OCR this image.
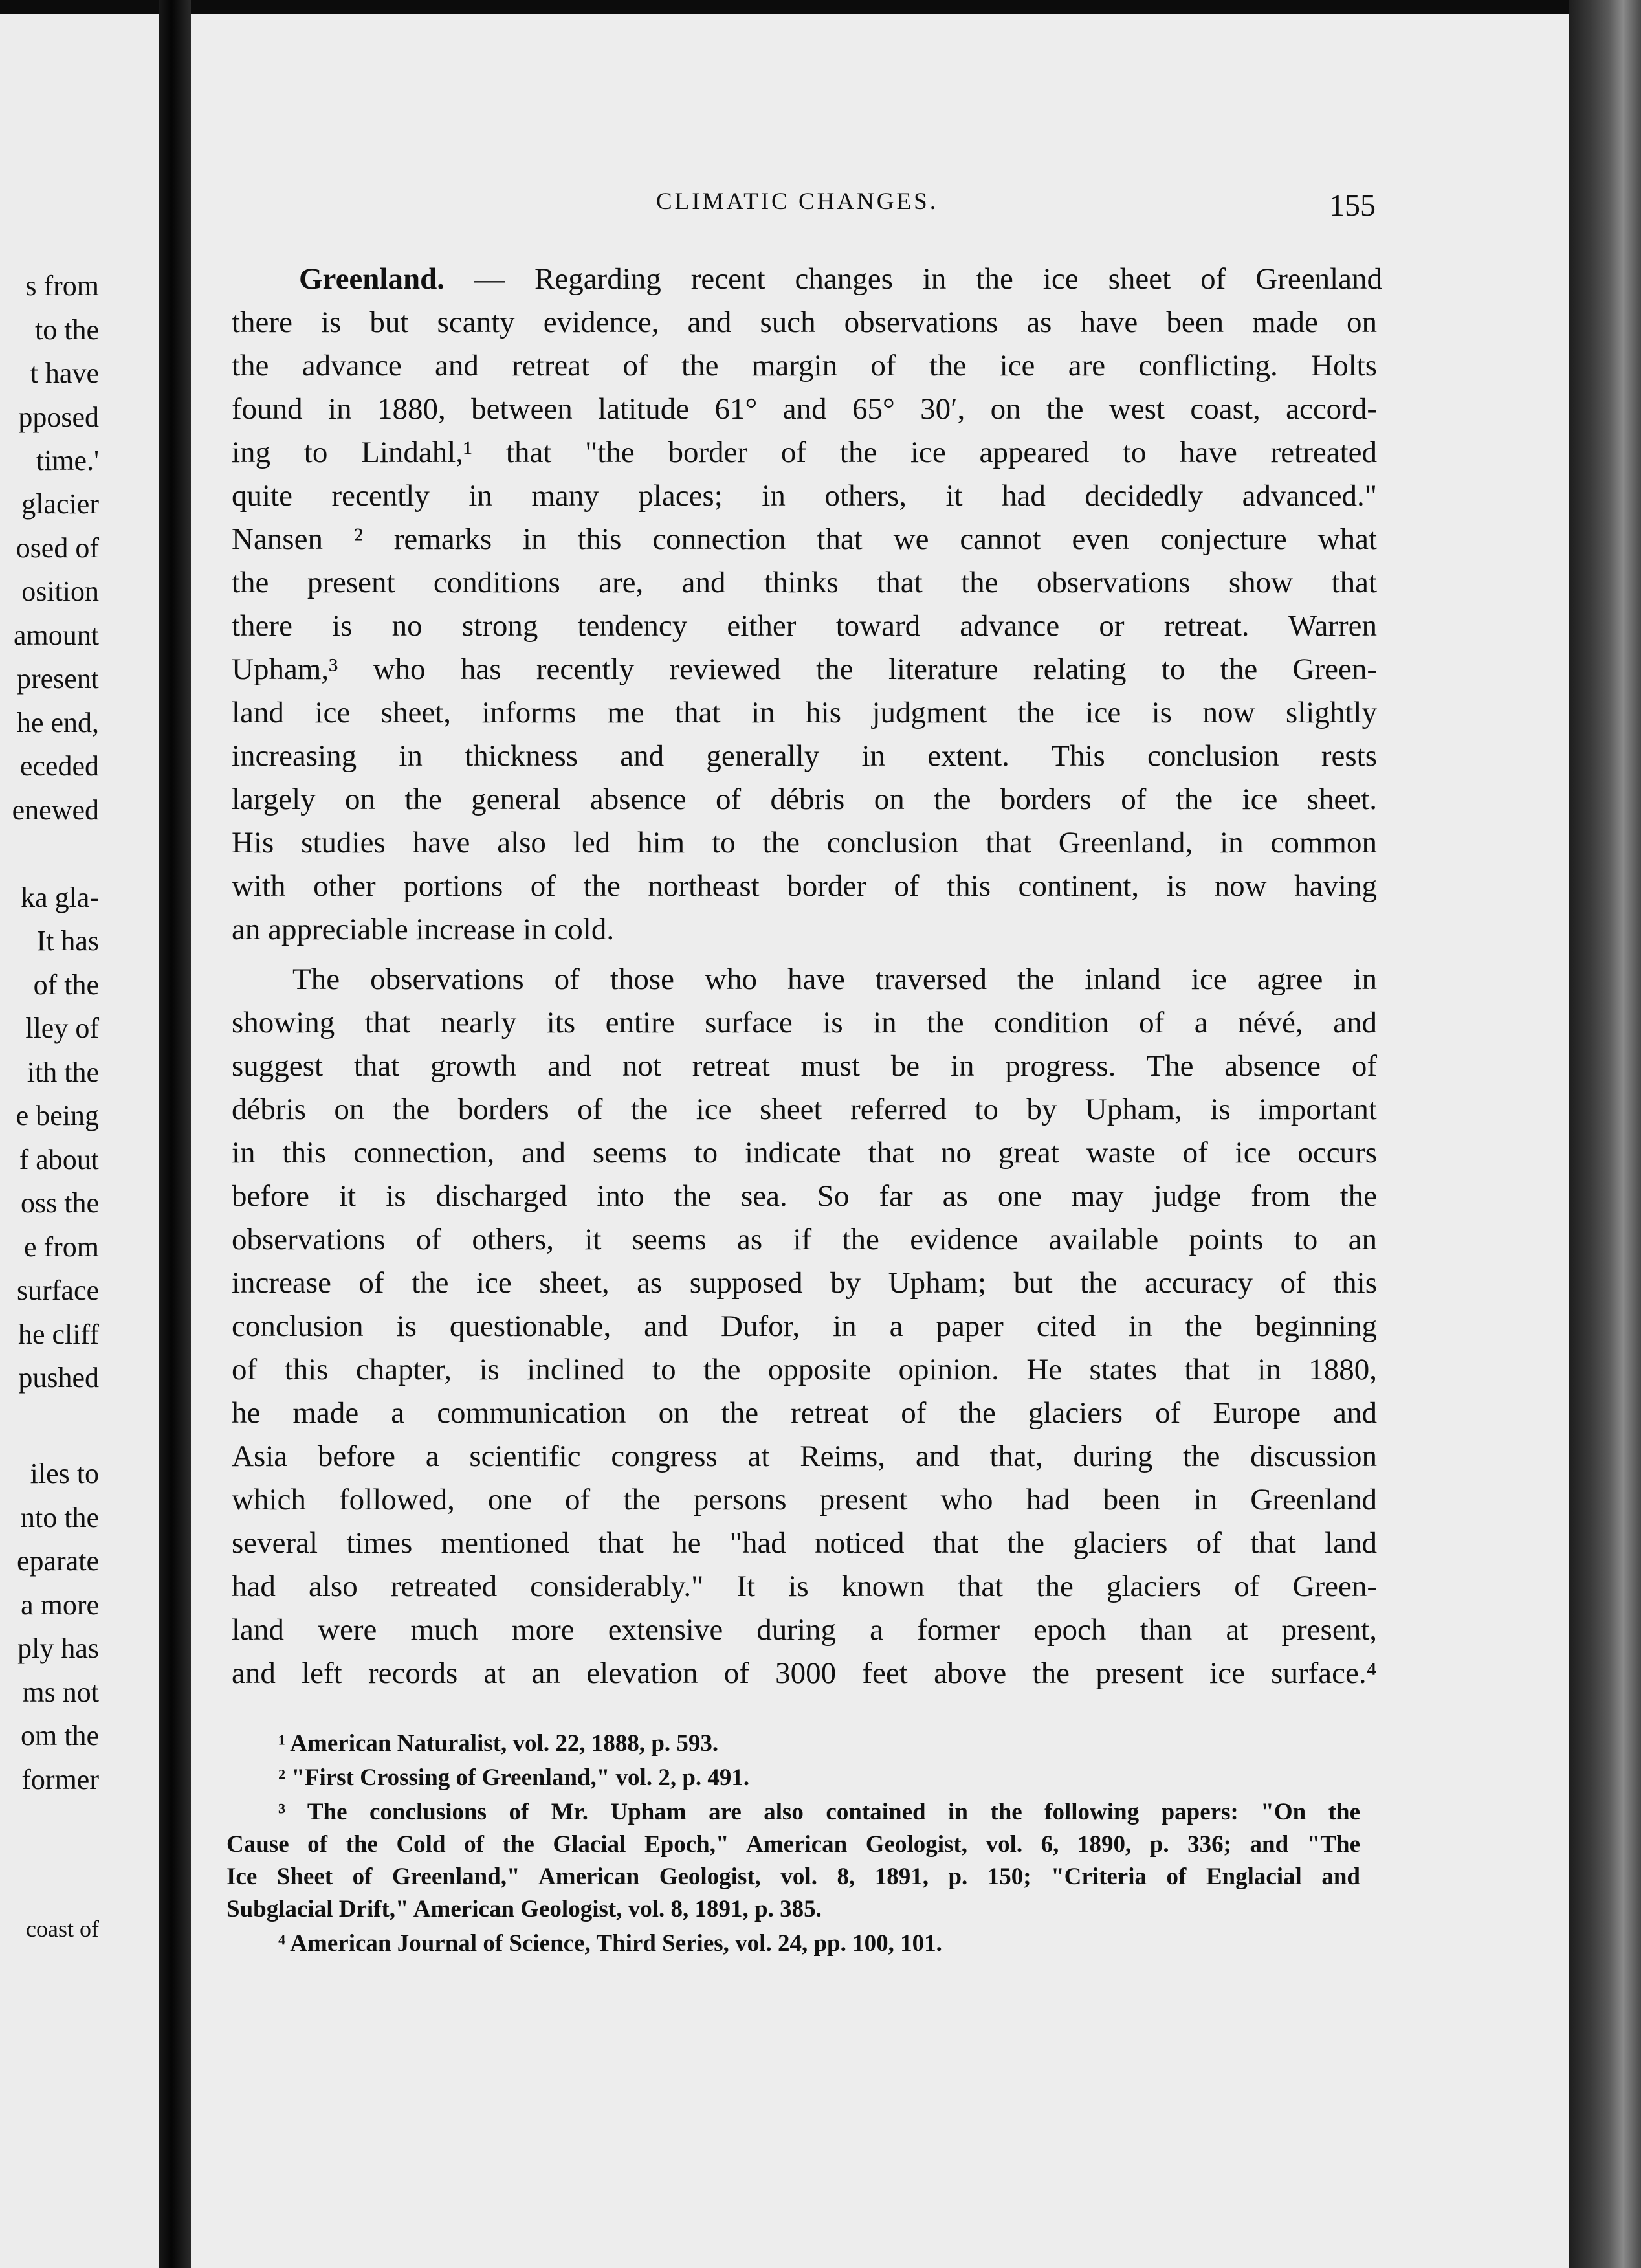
s from
to the
t have
pposed
time.'
glacier
osed of
osition
amount
present
he end,
eceded
enewed
ka gla-
It has
of the
lley of
ith the
e being
f about
oss the
e from
surface
he cliff
pushed
iles to
nto the
eparate
a more
ply has
ms not
om the
former
coast of
CLIMATIC CHANGES.	155
Greenland. — Regarding recent changes in the ice sheet of Greenland
there is but scanty evidence, and such observations as have been made on
the advance and retreat of the margin of the ice are conflicting. Holts
found in 1880, between latitude 61° and 65° 30′, on the west coast, accord-
ing to Lindahl,¹ that "the border of the ice appeared to have retreated
quite recently in many places; in others, it had decidedly advanced."
Nansen ² remarks in this connection that we cannot even conjecture what
the present conditions are, and thinks that the observations show that
there is no strong tendency either toward advance or retreat. Warren
Upham,³ who has recently reviewed the literature relating to the Green-
land ice sheet, informs me that in his judgment the ice is now slightly
increasing in thickness and generally in extent. This conclusion rests
largely on the general absence of débris on the borders of the ice sheet.
His studies have also led him to the conclusion that Greenland, in common
with other portions of the northeast border of this continent, is now having
an appreciable increase in cold.
The observations of those who have traversed the inland ice agree in
showing that nearly its entire surface is in the condition of a névé, and
suggest that growth and not retreat must be in progress. The absence of
débris on the borders of the ice sheet referred to by Upham, is important
in this connection, and seems to indicate that no great waste of ice occurs
before it is discharged into the sea. So far as one may judge from the
observations of others, it seems as if the evidence available points to an
increase of the ice sheet, as supposed by Upham; but the accuracy of this
conclusion is questionable, and Dufor, in a paper cited in the beginning
of this chapter, is inclined to the opposite opinion. He states that in 1880,
he made a communication on the retreat of the glaciers of Europe and
Asia before a scientific congress at Reims, and that, during the discussion
which followed, one of the persons present who had been in Greenland
several times mentioned that he "had noticed that the glaciers of that land
had also retreated considerably." It is known that the glaciers of Green-
land were much more extensive during a former epoch than at present,
and left records at an elevation of 3000 feet above the present ice surface.⁴
¹ American Naturalist, vol. 22, 1888, p. 593.
² "First Crossing of Greenland," vol. 2, p. 491.
³ The conclusions of Mr. Upham are also contained in the following papers: "On the
Cause of the Cold of the Glacial Epoch," American Geologist, vol. 6, 1890, p. 336; and "The
Ice Sheet of Greenland," American Geologist, vol. 8, 1891, p. 150; "Criteria of Englacial and
Subglacial Drift," American Geologist, vol. 8, 1891, p. 385.
⁴ American Journal of Science, Third Series, vol. 24, pp. 100, 101.
